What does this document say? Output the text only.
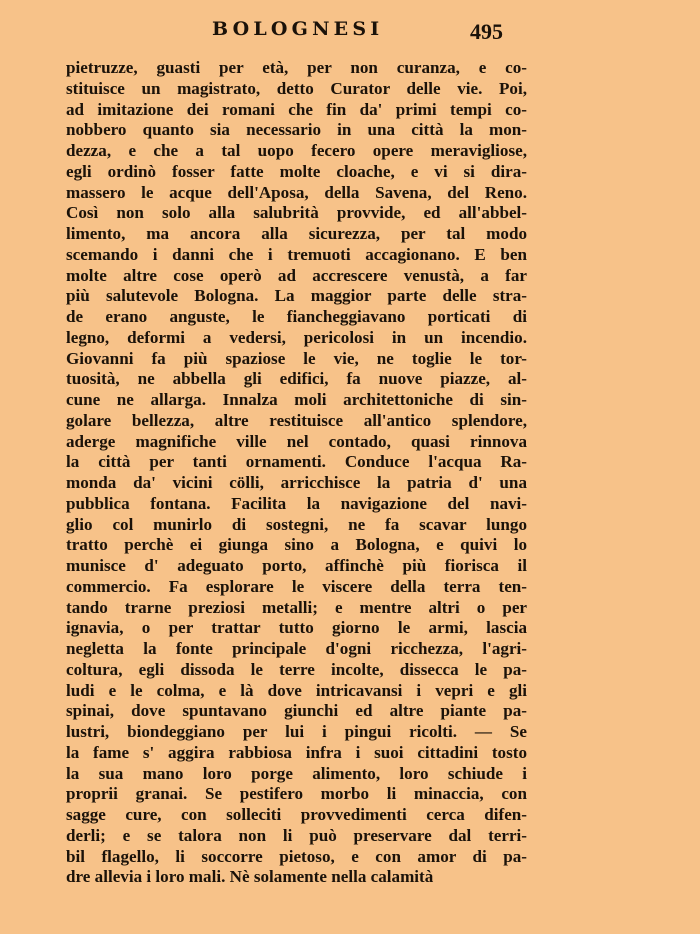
BOLOGNESI	495
pietruzze, guasti per età, per non curanza, e co-
stituisce un magistrato, detto Curator delle vie. Poi,
ad imitazione dei romani che fin da' primi tempi co-
nobbero quanto sia necessario in una città la mon-
dezza, e che a tal uopo fecero opere meravigliose,
egli ordinò fosser fatte molte cloache, e vi si dira-
massero le acque dell'Aposa, della Savena, del Reno.
Così non solo alla salubrità provvide, ed all'abbel-
limento, ma ancora alla sicurezza, per tal modo
scemando i danni che i tremuoti accagionano. E ben
molte altre cose operò ad accrescere venustà, a far
più salutevole Bologna. La maggior parte delle stra-
de erano anguste, le fiancheggiavano porticati di
legno, deformi a vedersi, pericolosi in un incendio.
Giovanni fa più spaziose le vie, ne toglie le tor-
tuosità, ne abbella gli edifici, fa nuove piazze, al-
cune ne allarga. Innalza moli architettoniche di sin-
golare bellezza, altre restituisce all'antico splendore,
aderge magnifiche ville nel contado, quasi rinnova
la città per tanti ornamenti. Conduce l'acqua Ra-
monda da' vicini cölli, arricchisce la patria d' una
pubblica fontana. Facilita la navigazione del navi-
glio col munirlo di sostegni, ne fa scavar lungo
tratto perchè ei giunga sino a Bologna, e quivi lo
munisce d' adeguato porto, affinchè più fiorisca il
commercio. Fa esplorare le viscere della terra ten-
tando trarne preziosi metalli; e mentre altri o per
ignavia, o per trattar tutto giorno le armi, lascia
negletta la fonte principale d'ogni ricchezza, l'agri-
coltura, egli dissoda le terre incolte, dissecca le pa-
ludi e le colma, e là dove intricavansi i vepri e gli
spinai, dove spuntavano giunchi ed altre piante pa-
lustri, biondeggiano per lui i pingui ricolti. — Se
la fame s' aggira rabbiosa infra i suoi cittadini tosto
la sua mano loro porge alimento, loro schiude i
proprii granai. Se pestifero morbo li minaccia, con
sagge cure, con solleciti provvedimenti cerca difen-
derli; e se talora non li può preservare dal terri-
bil flagello, li soccorre pietoso, e con amor di pa-
dre allevia i loro mali. Nè solamente nella calamità
